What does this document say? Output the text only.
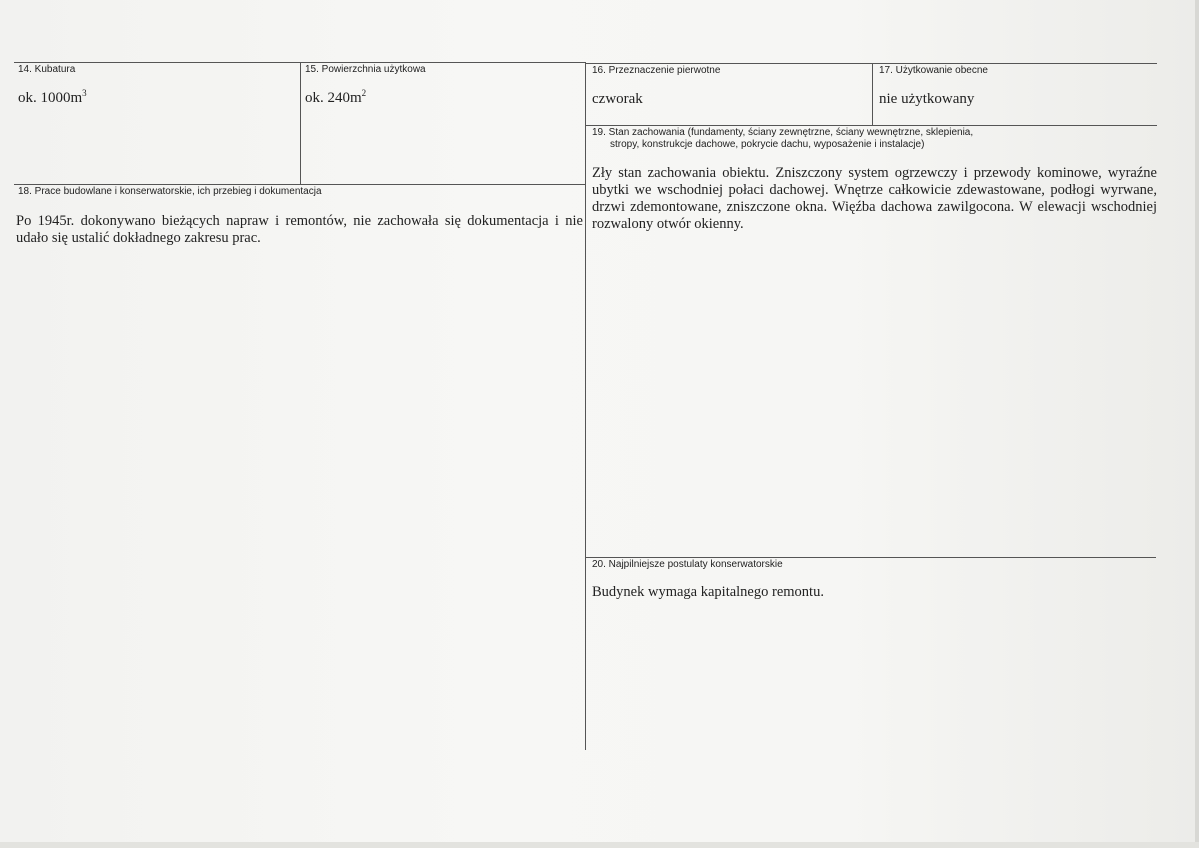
14. Kubatura
ok. $1000m^3$
15. Powierzchnia użytkowa
ok. $240m^2$
16. Przeznaczenie pierwotne
czworak
17. Użytkowanie obecne
nie użytkowany
18. Prace budowlane i konserwatorskie, ich przebieg i dokumentacja
Po 1945r. dokonywano bieżących napraw i remontów, nie zachowała się dokumentacja i nie udało się ustalić dokładnego zakresu prac.
19. Stan zachowania (fundamenty, ściany zewnętrzne, ściany wewnętrzne, sklepienia,
stropy, konstrukcje dachowe, pokrycie dachu, wyposażenie i instalacje)
Zły stan zachowania obiektu. Zniszczony system ogrzewczy i przewody kominowe, wyraźne ubytki we wschodniej połaci dachowej. Wnętrze całkowicie zdewastowane, podłogi wyrwane, drzwi zdemontowane, zniszczone okna. Więźba dachowa zawilgocona. W elewacji wschodniej rozwalony otwór okienny.
20. Najpilniejsze postulaty konserwatorskie
Budynek wymaga kapitalnego remontu.
